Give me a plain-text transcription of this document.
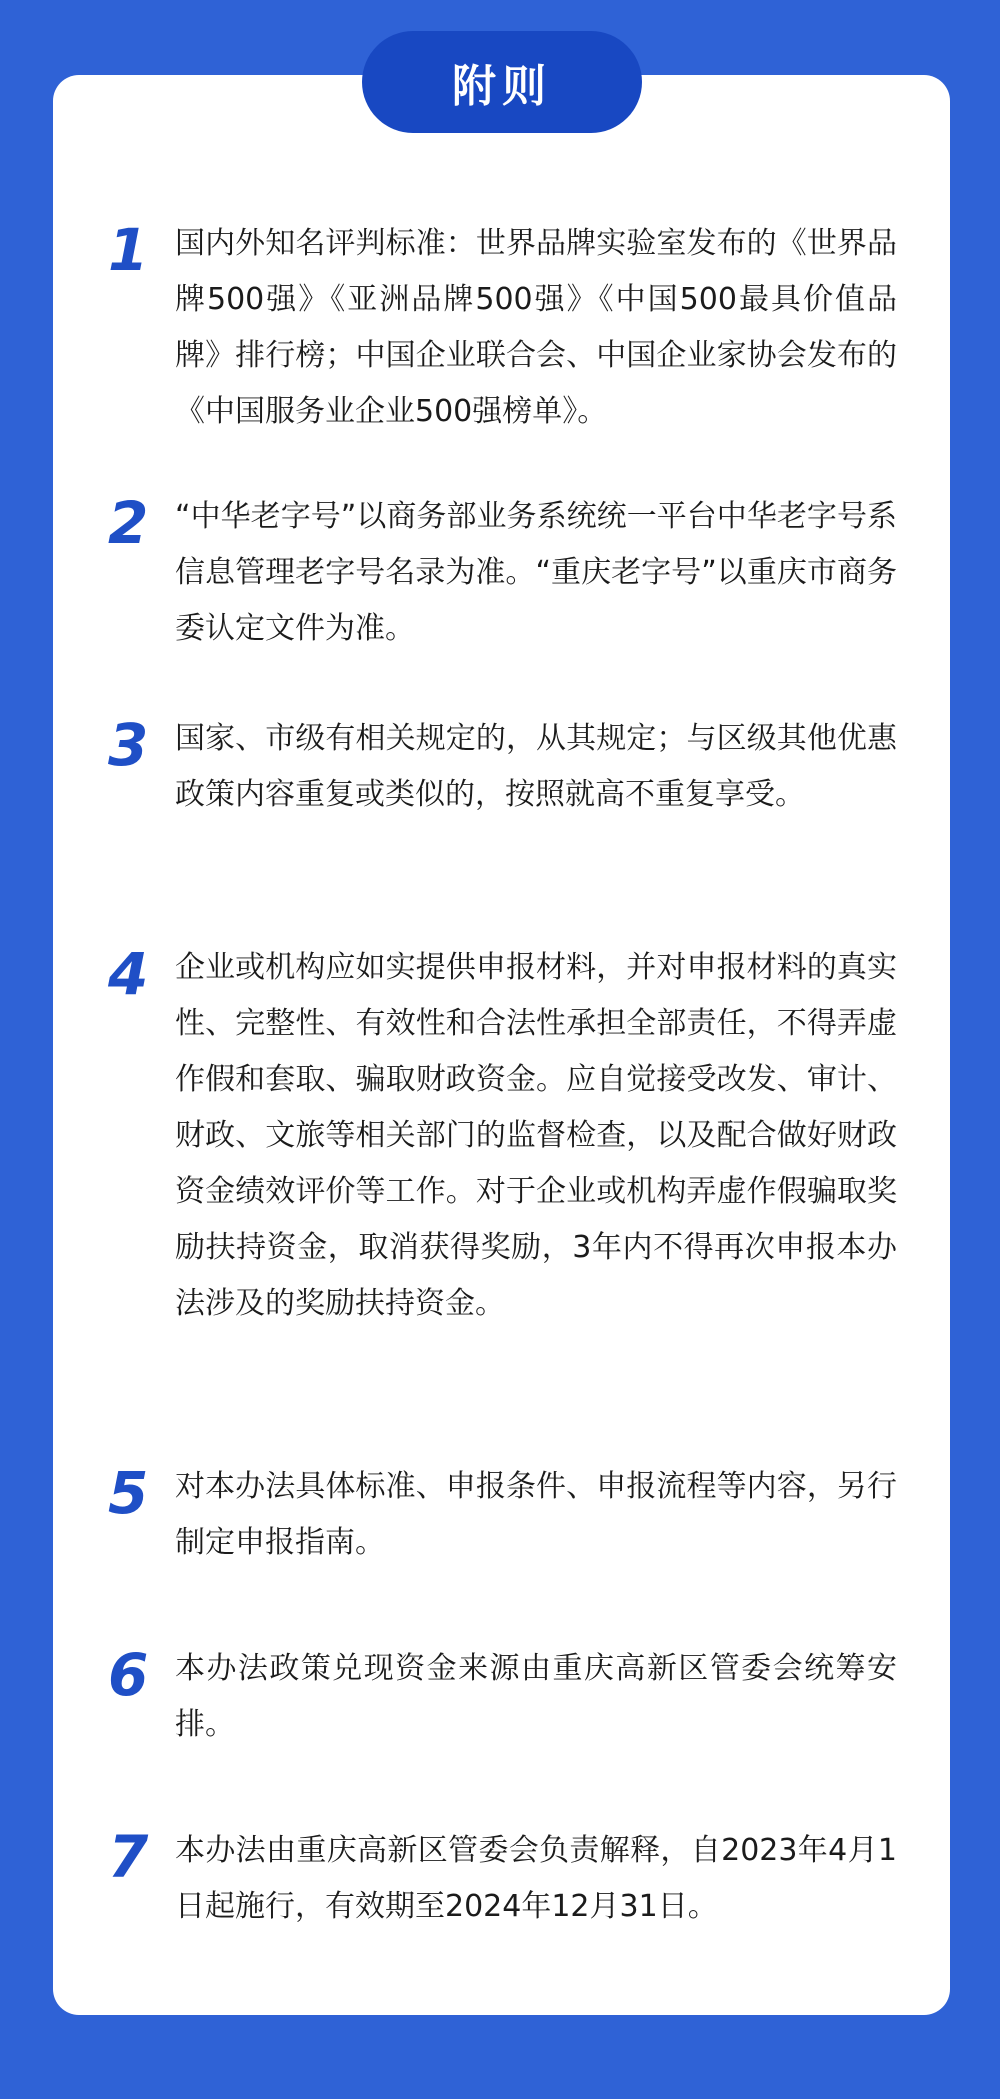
附则
1 国内外知名评判标准：世界品牌实验室发布的《世界品牌500强》《亚洲品牌500强》《中国500最具价值品牌》排行榜；中国企业联合会、中国企业家协会发布的《中国服务业企业500强榜单》。
2 “中华老字号”以商务部业务系统统一平台中华老字号系信息管理老字号名录为准。“重庆老字号”以重庆市商务委认定文件为准。
3 国家、市级有相关规定的，从其规定；与区级其他优惠政策内容重复或类似的，按照就高不重复享受。
4 企业或机构应如实提供申报材料，并对申报材料的真实性、完整性、有效性和合法性承担全部责任，不得弄虚作假和套取、骗取财政资金。应自觉接受改发、审计、财政、文旅等相关部门的监督检查，以及配合做好财政资金绩效评价等工作。对于企业或机构弄虚作假骗取奖励扶持资金，取消获得奖励，3年内不得再次申报本办法涉及的奖励扶持资金。
5 对本办法具体标准、申报条件、申报流程等内容，另行制定申报指南。
6 本办法政策兑现资金来源由重庆高新区管委会统筹安排。
7 本办法由重庆高新区管委会负责解释，自2023年4月1日起施行，有效期至2024年12月31日。
